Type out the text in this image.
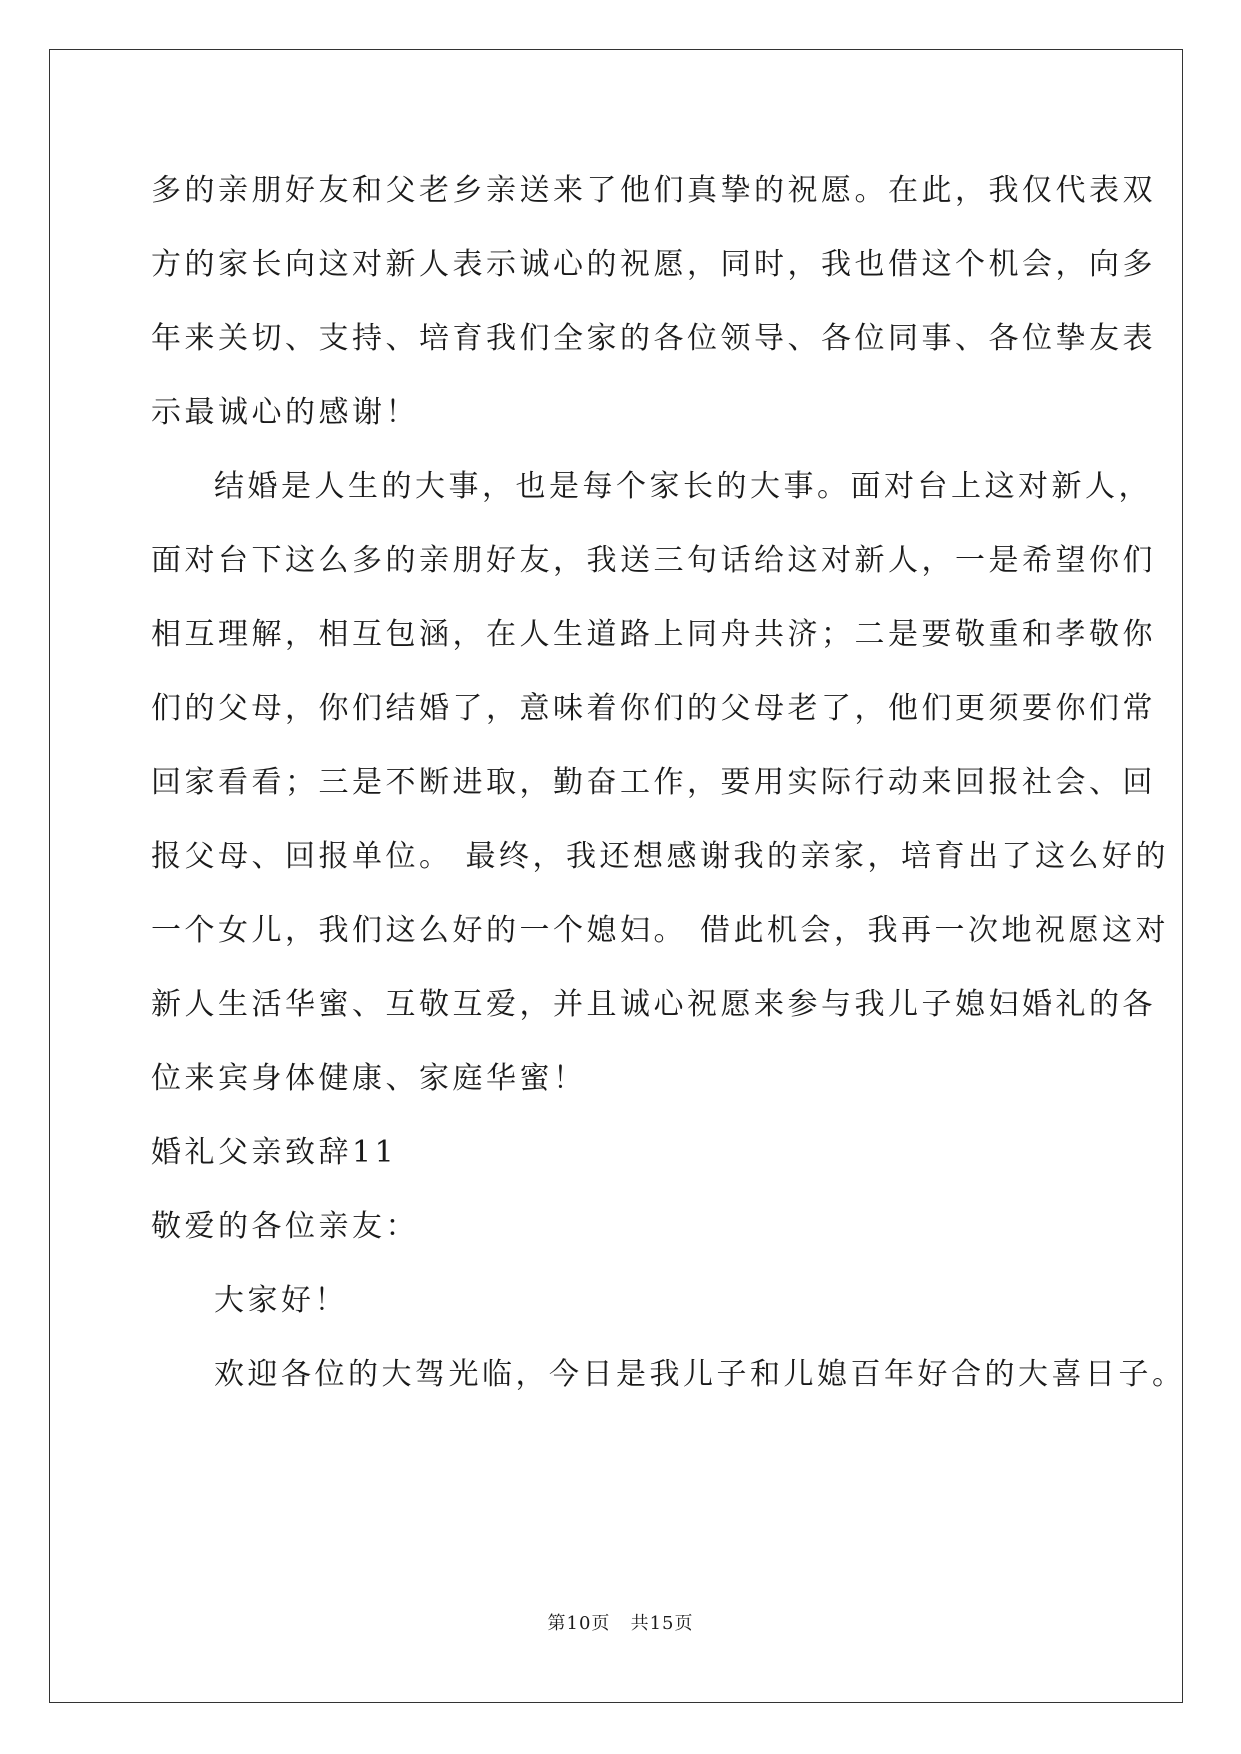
多的亲朋好友和父老乡亲送来了他们真挚的祝愿。在此，我仅代表双
方的家长向这对新人表示诚心的祝愿，同时，我也借这个机会，向多
年来关切、支持、培育我们全家的各位领导、各位同事、各位挚友表
示最诚心的感谢！
结婚是人生的大事，也是每个家长的大事。面对台上这对新人，
面对台下这么多的亲朋好友，我送三句话给这对新人，一是希望你们
相互理解，相互包涵，在人生道路上同舟共济；二是要敬重和孝敬你
们的父母，你们结婚了，意味着你们的父母老了，他们更须要你们常
回家看看；三是不断进取，勤奋工作，要用实际行动来回报社会、回
报父母、回报单位。 最终，我还想感谢我的亲家，培育出了这么好的
一个女儿，我们这么好的一个媳妇。 借此机会，我再一次地祝愿这对
新人生活华蜜、互敬互爱，并且诚心祝愿来参与我儿子媳妇婚礼的各
位来宾身体健康、家庭华蜜！
婚礼父亲致辞11
敬爱的各位亲友：
大家好！
欢迎各位的大驾光临，今日是我儿子和儿媳百年好合的大喜日子。
第10页   共15页
